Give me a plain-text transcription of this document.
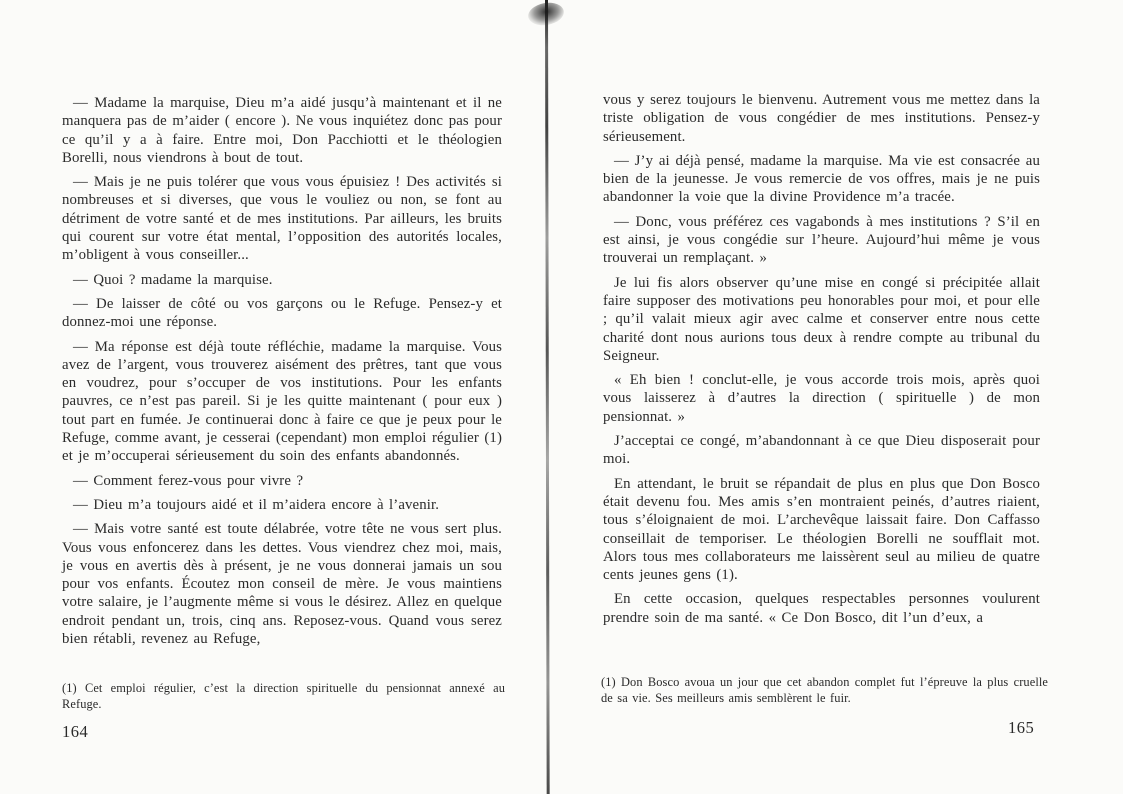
— Madame la marquise, Dieu m’a aidé jusqu’à maintenant et il ne manquera pas de m’aider ( encore ). Ne vous inquiétez donc pas pour ce qu’il y a à faire. Entre moi, Don Pacchiotti et le théologien Borelli, nous viendrons à bout de tout.

— Mais je ne puis tolérer que vous vous épuisiez ! Des activités si nombreuses et si diverses, que vous le vouliez ou non, se font au détriment de votre santé et de mes institutions. Par ailleurs, les bruits qui courent sur votre état mental, l’opposition des autorités locales, m’obligent à vous conseiller...

— Quoi ? madame la marquise.

— De laisser de côté ou vos garçons ou le Refuge. Pensez-y et donnez-moi une réponse.

— Ma réponse est déjà toute réfléchie, madame la marquise. Vous avez de l’argent, vous trouverez aisément des prêtres, tant que vous en voudrez, pour s’occuper de vos institutions. Pour les enfants pauvres, ce n’est pas pareil. Si je les quitte maintenant ( pour eux ) tout part en fumée. Je continuerai donc à faire ce que je peux pour le Refuge, comme avant, je cesserai (cependant) mon emploi régulier (1) et je m’occuperai sérieusement du soin des enfants abandonnés.

— Comment ferez-vous pour vivre ?

— Dieu m’a toujours aidé et il m’aidera encore à l’avenir.

— Mais votre santé est toute délabrée, votre tête ne vous sert plus. Vous vous enfoncerez dans les dettes. Vous viendrez chez moi, mais, je vous en avertis dès à présent, je ne vous donnerai jamais un sou pour vos enfants. Écoutez mon conseil de mère. Je vous maintiens votre salaire, je l’augmente même si vous le désirez. Allez en quelque endroit pendant un, trois, cinq ans. Reposez-vous. Quand vous serez bien rétabli, revenez au Refuge,

(1) Cet emploi régulier, c’est la direction spirituelle du pensionnat annexé au Refuge.
164

vous y serez toujours le bienvenu. Autrement vous me mettez dans la triste obligation de vous congédier de mes institutions. Pensez-y sérieusement.

— J’y ai déjà pensé, madame la marquise. Ma vie est consacrée au bien de la jeunesse. Je vous remercie de vos offres, mais je ne puis abandonner la voie que la divine Providence m’a tracée.

— Donc, vous préférez ces vagabonds à mes institutions ? S’il en est ainsi, je vous congédie sur l’heure. Aujourd’hui même je vous trouverai un remplaçant. »

Je lui fis alors observer qu’une mise en congé si précipitée allait faire supposer des motivations peu honorables pour moi, et pour elle ; qu’il valait mieux agir avec calme et conserver entre nous cette charité dont nous aurions tous deux à rendre compte au tribunal du Seigneur.

« Eh bien ! conclut-elle, je vous accorde trois mois, après quoi vous laisserez à d’autres la direction ( spirituelle ) de mon pensionnat. »

J’acceptai ce congé, m’abandonnant à ce que Dieu disposerait pour moi.

En attendant, le bruit se répandait de plus en plus que Don Bosco était devenu fou. Mes amis s’en montraient peinés, d’autres riaient, tous s’éloignaient de moi. L’archevêque laissait faire. Don Caffasso conseillait de temporiser. Le théologien Borelli ne soufflait mot. Alors tous mes collaborateurs me laissèrent seul au milieu de quatre cents jeunes gens (1).

En cette occasion, quelques respectables personnes voulurent prendre soin de ma santé. « Ce Don Bosco, dit l’un d’eux, a

(1) Don Bosco avoua un jour que cet abandon complet fut l’épreuve la plus cruelle de sa vie. Ses meilleurs amis semblèrent le fuir.
165
